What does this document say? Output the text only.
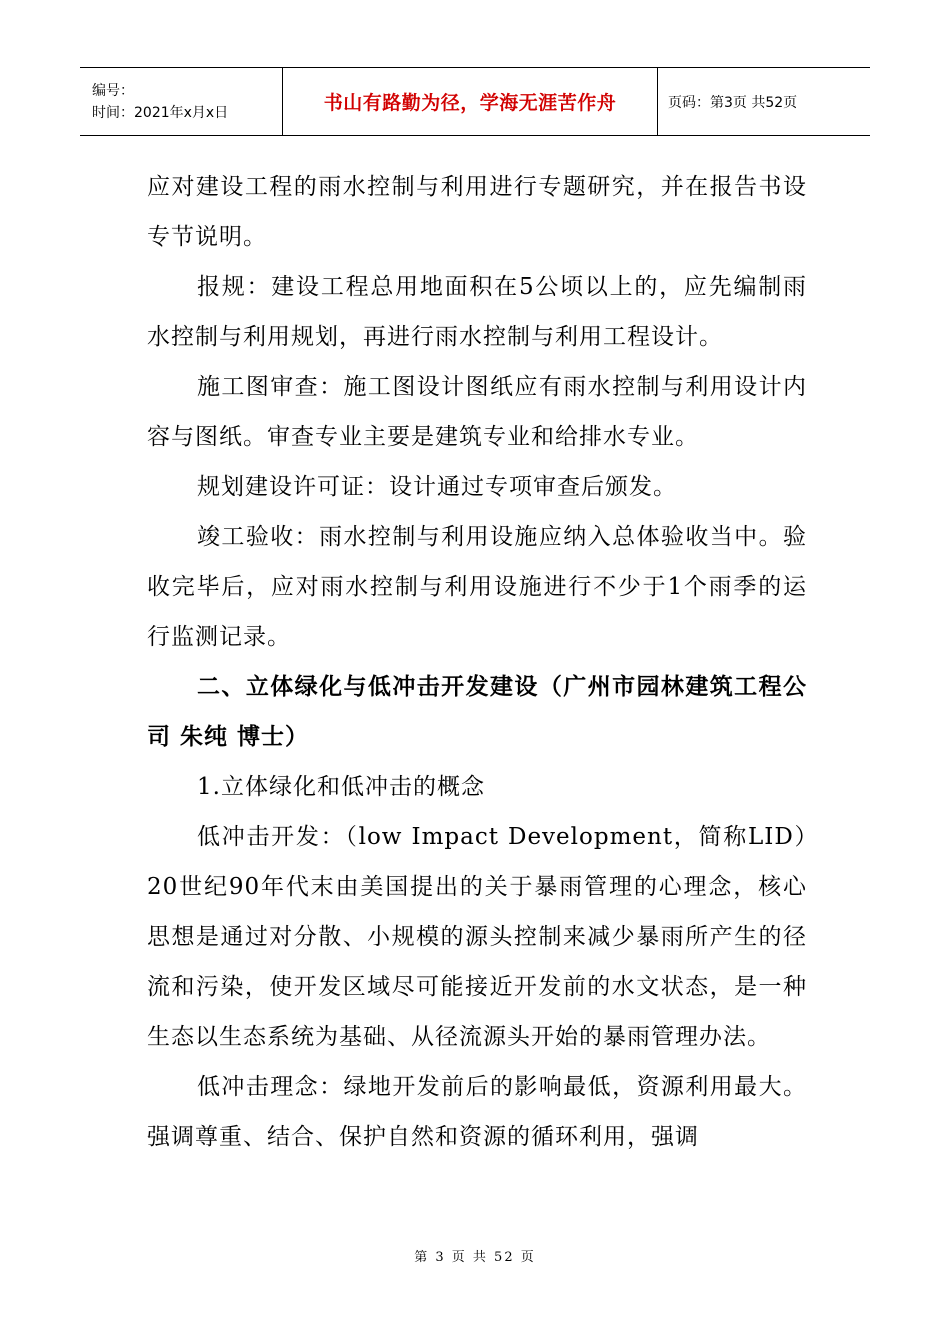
编号：
时间：2021年x月x日	书山有路勤为径，学海无涯苦作舟	页码：第3页 共52页

应对建设工程的雨水控制与利用进行专题研究，并在报告书设专节说明。

报规：建设工程总用地面积在5公顷以上的，应先编制雨水控制与利用规划，再进行雨水控制与利用工程设计。

施工图审查：施工图设计图纸应有雨水控制与利用设计内容与图纸。审查专业主要是建筑专业和给排水专业。

规划建设许可证：设计通过专项审查后颁发。

竣工验收：雨水控制与利用设施应纳入总体验收当中。验收完毕后，应对雨水控制与利用设施进行不少于1个雨季的运行监测记录。

二、立体绿化与低冲击开发建设（广州市园林建筑工程公司 朱纯 博士）

1.立体绿化和低冲击的概念

低冲击开发：（low Impact Development，简称LID）20世纪90年代末由美国提出的关于暴雨管理的心理念，核心思想是通过对分散、小规模的源头控制来减少暴雨所产生的径流和污染，使开发区域尽可能接近开发前的水文状态，是一种生态以生态系统为基础、从径流源头开始的暴雨管理办法。

低冲击理念：绿地开发前后的影响最低，资源利用最大。强调尊重、结合、保护自然和资源的循环利用，强调

第 3 页 共 52 页
